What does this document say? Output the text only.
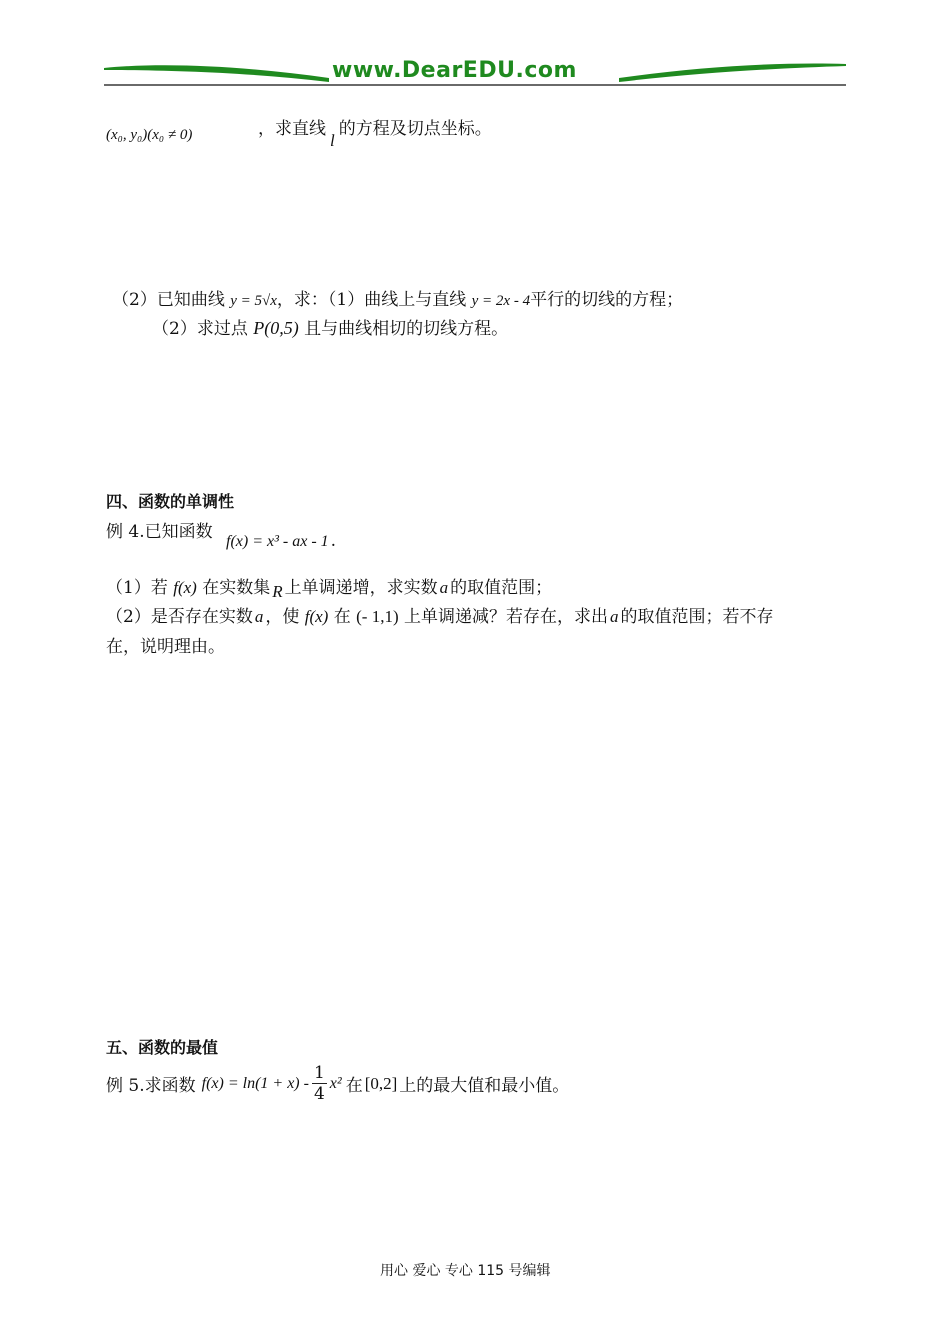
www.DearEDU.com
(x₀, y₀)(x₀ ≠ 0)	，求直线l的方程及切点坐标。
（2）已知曲线 y = 5√x，求：（1）曲线上与直线 y = 2x - 4平行的切线的方程；
（2）求过点 P(0,5) 且与曲线相切的切线方程。
四、函数的单调性
例 4.已知函数 f(x) = x³ - ax - 1 .
（1）若 f(x) 在实数集 R 上单调递增，求实数 a 的取值范围；
（2）是否存在实数 a ，使 f(x) 在 (- 1,1) 上单调递减？若存在，求出 a 的取值范围；若不存
在，说明理由。
五、函数的最值
例 5.求函数 $f(x) = \ln(1 + x) - \frac{1}{4} x^2$ 在 [0,2] 上的最大值和最小值。
用心 爱心 专心 115 号编辑
